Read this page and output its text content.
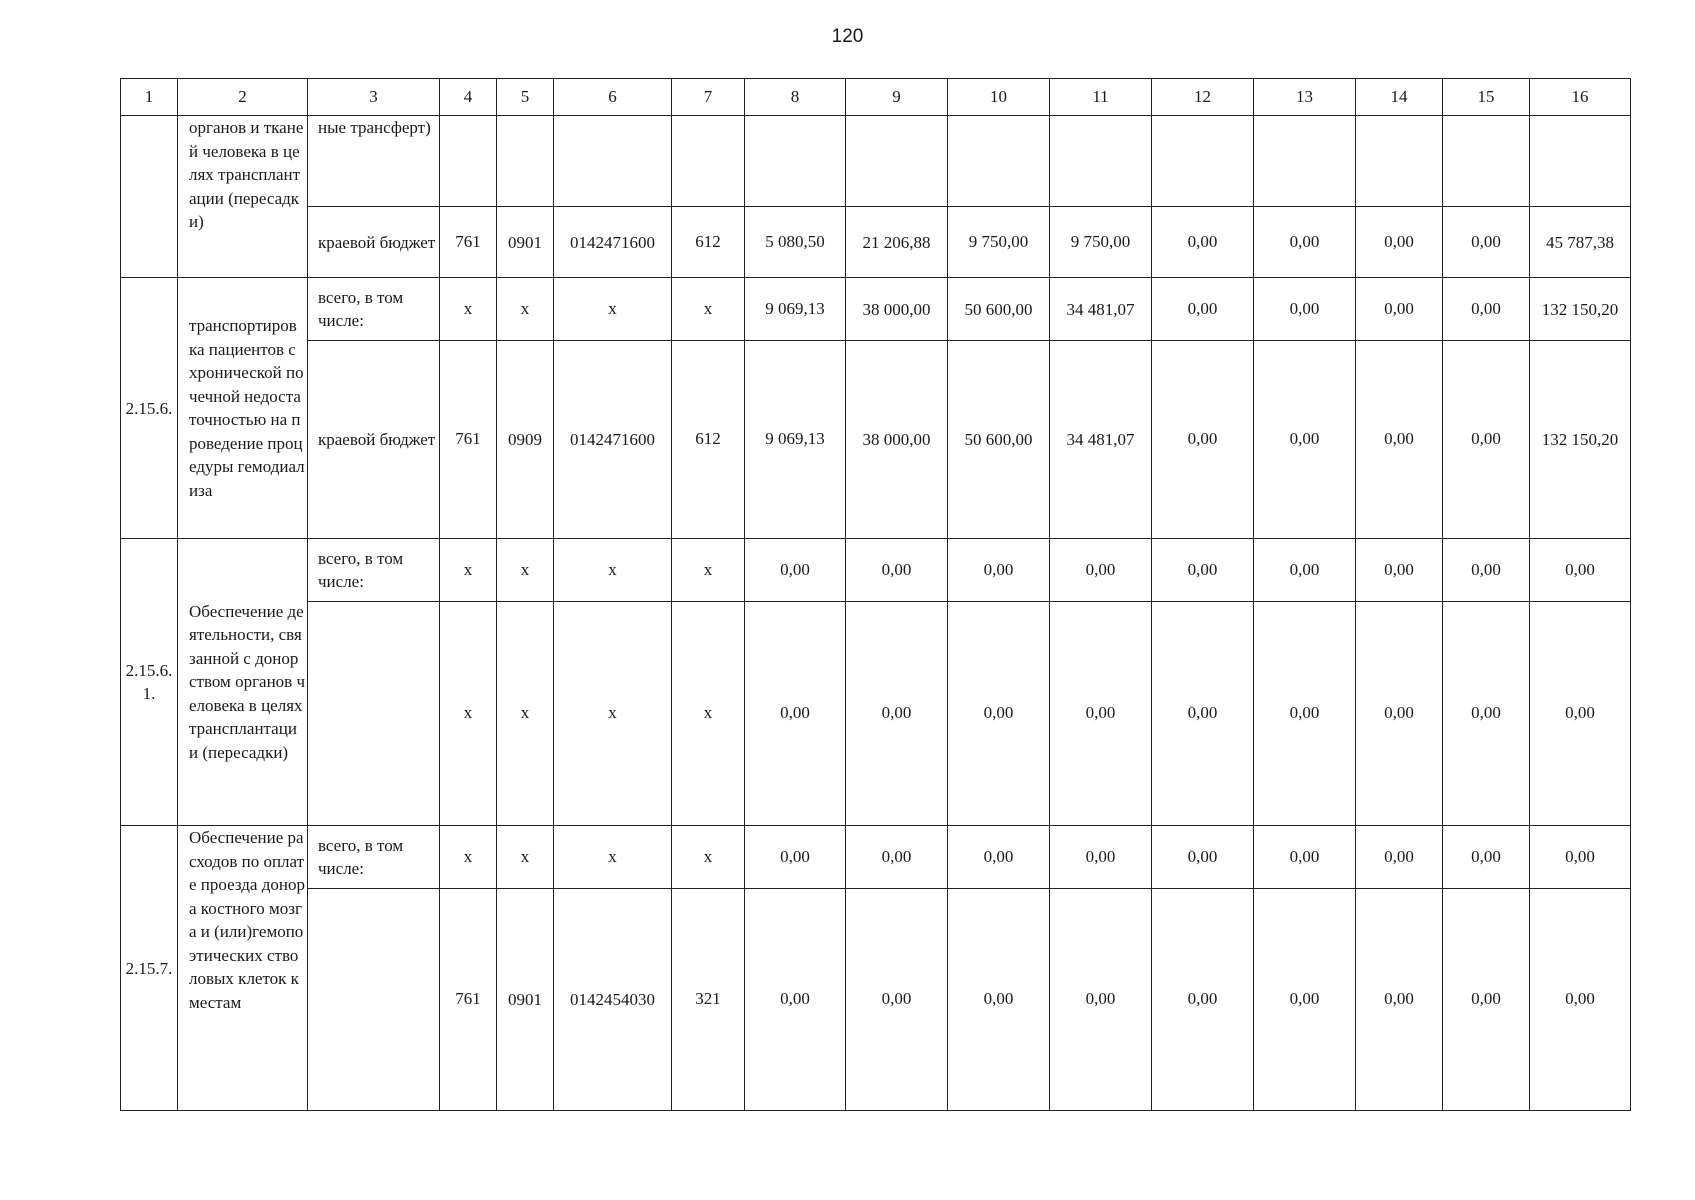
120
1	2	3	4	5	6	7	8	9	10	11	12	13	14	15	16
	органов и тканей человека в целях трансплантации (пересадки)	ные трансферт)													
		краевой бюджет	761	0901	0142471600	612	5 080,50	21 206,88	9 750,00	9 750,00	0,00	0,00	0,00	0,00	45 787,38
2.15.6.	транспортировка пациентов с хронической почечной недостаточностью на проведение процедуры гемодиализа	всего, в том числе:	х	х	х	х	9 069,13	38 000,00	50 600,00	34 481,07	0,00	0,00	0,00	0,00	132 150,20
		краевой бюджет	761	0909	0142471600	612	9 069,13	38 000,00	50 600,00	34 481,07	0,00	0,00	0,00	0,00	132 150,20
2.15.6.1.	Обеспечение деятельности, связанной с донорством органов человека в целях трансплантации (пересадки)	всего, в том числе:	х	х	х	х	0,00	0,00	0,00	0,00	0,00	0,00	0,00	0,00	0,00
			х	х	х	х	0,00	0,00	0,00	0,00	0,00	0,00	0,00	0,00	0,00
2.15.7.	Обеспечение расходов по оплате проезда донора костного мозга и (или)гемопоэтических стволовых клеток к местам	всего, в том числе:	х	х	х	х	0,00	0,00	0,00	0,00	0,00	0,00	0,00	0,00	0,00
			761	0901	0142454030	321	0,00	0,00	0,00	0,00	0,00	0,00	0,00	0,00	0,00
